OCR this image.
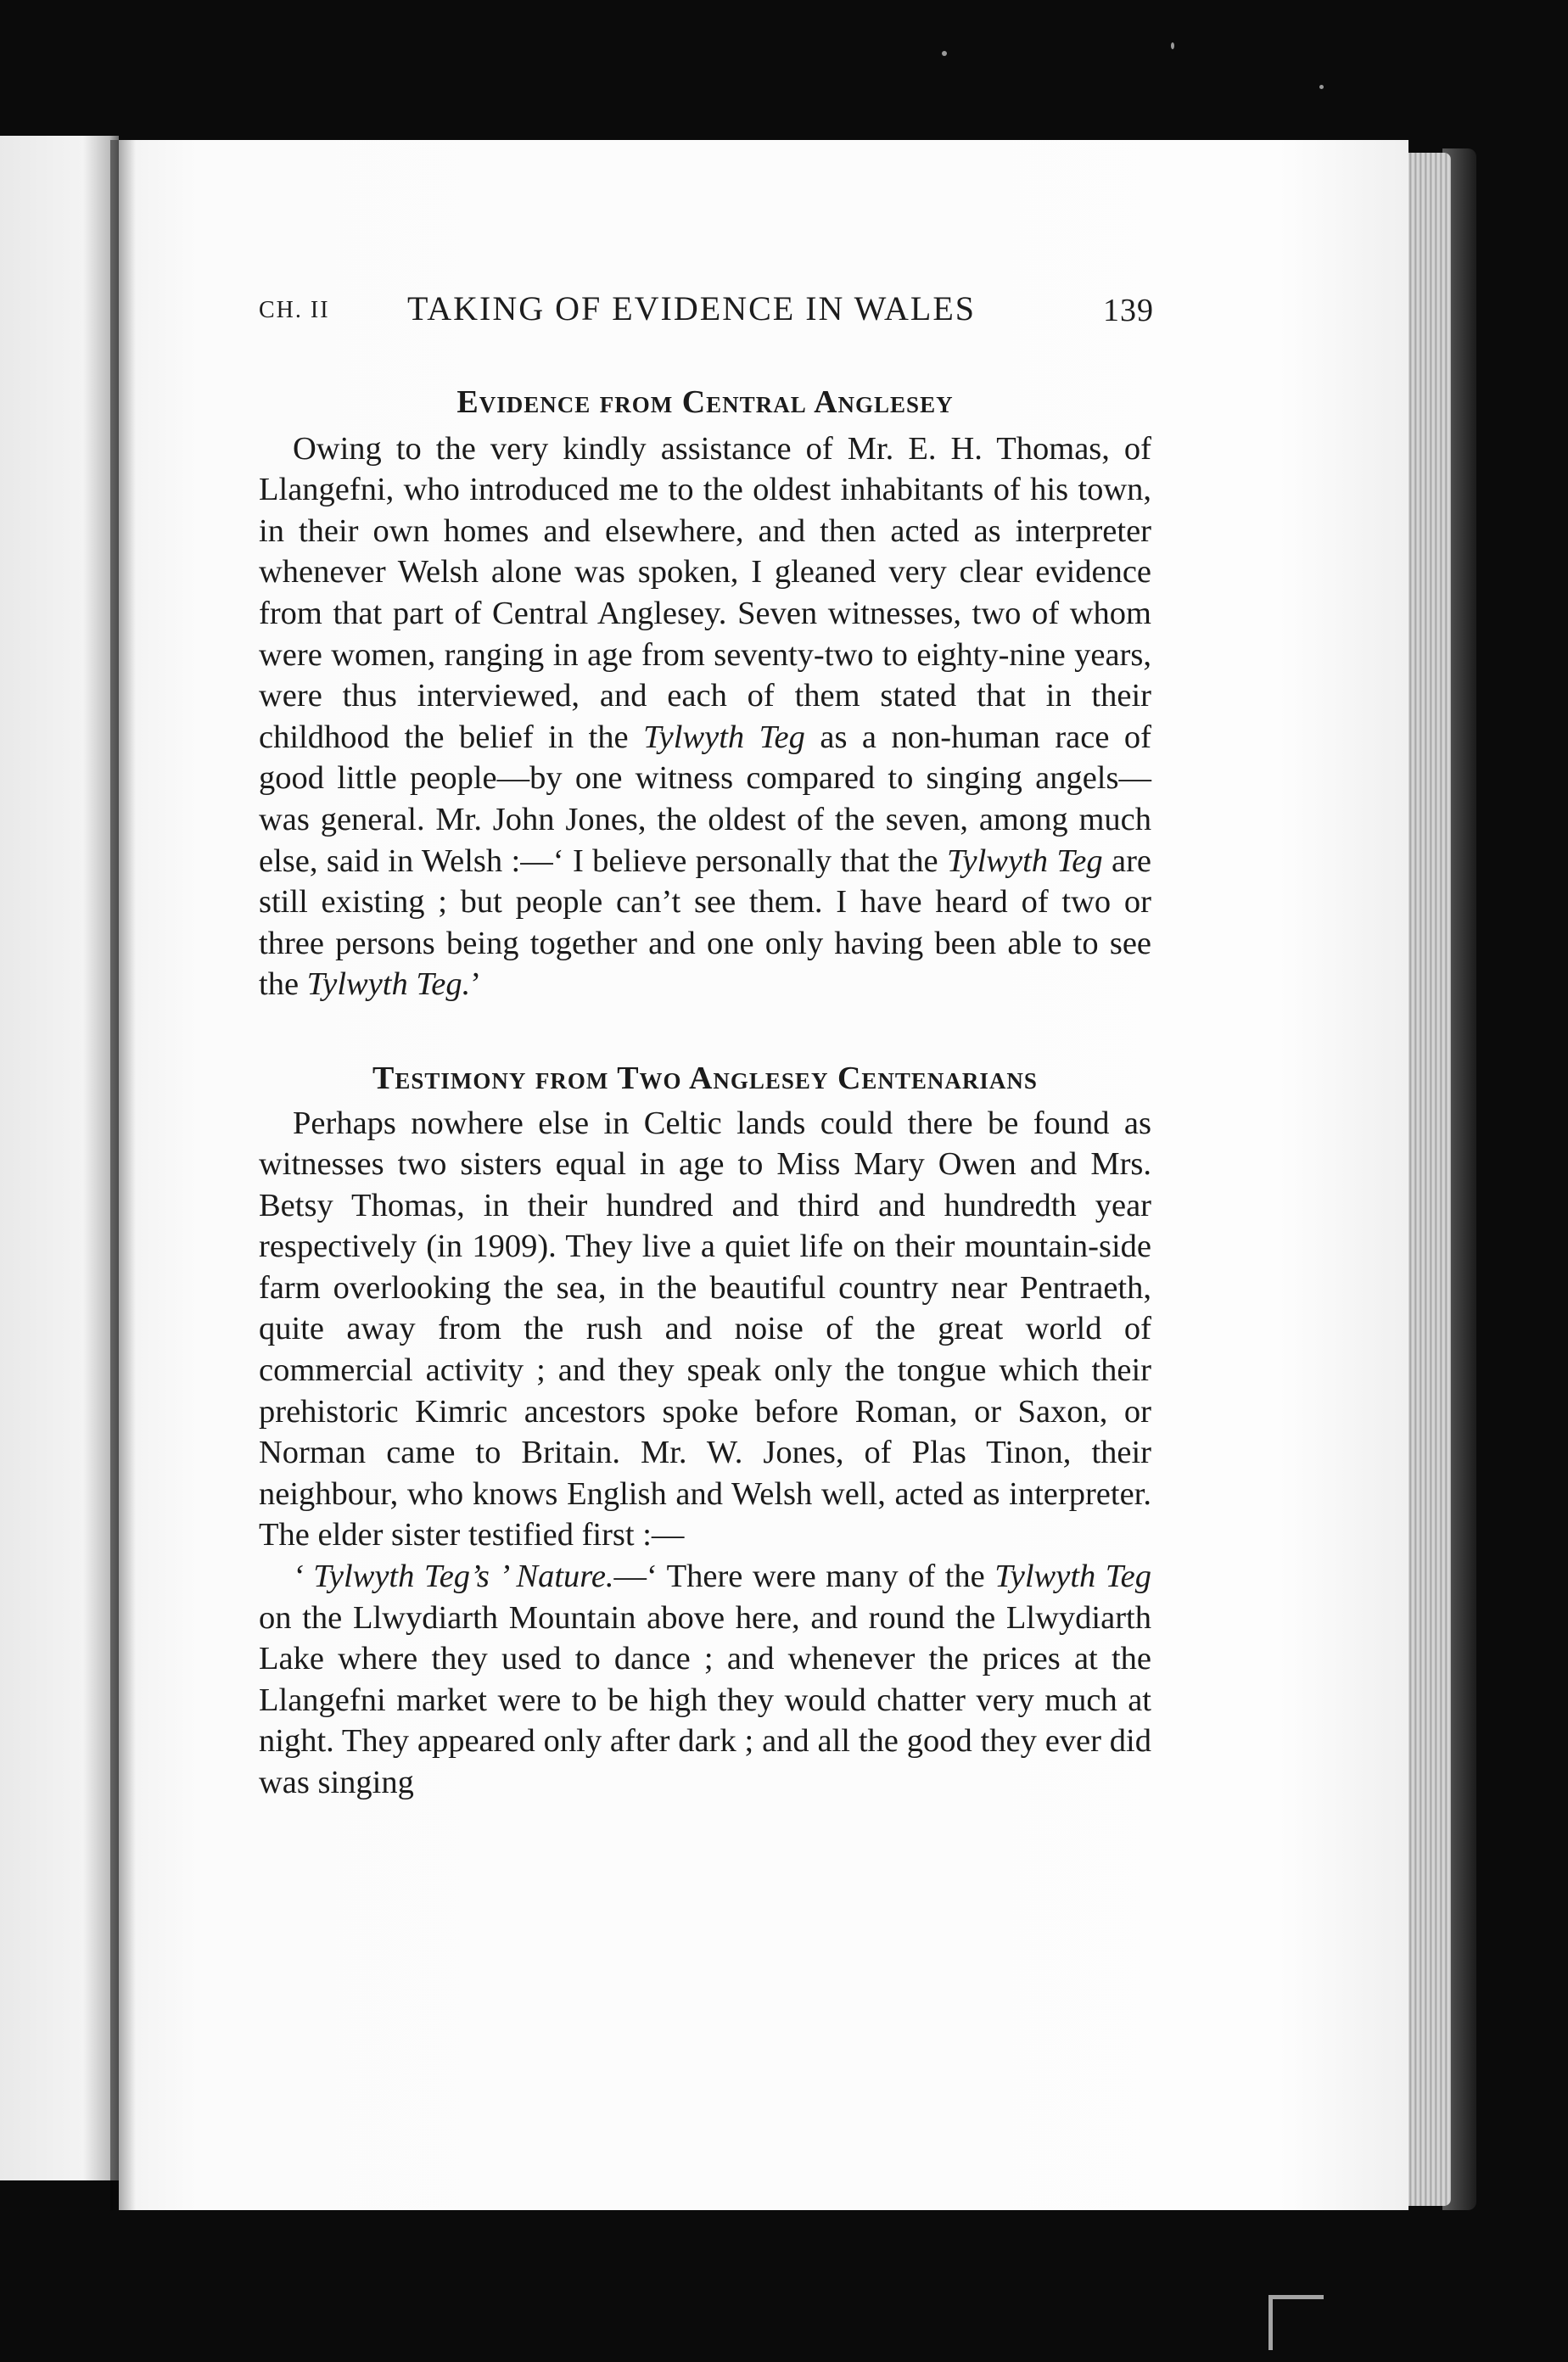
CH. II TAKING OF EVIDENCE IN WALES	139
Evidence from Central Anglesey

Owing to the very kindly assistance of Mr. E. H. Thomas, of Llangefni, who introduced me to the oldest inhabitants of his town, in their own homes and elsewhere, and then acted as interpreter whenever Welsh alone was spoken, I gleaned very clear evidence from that part of Central Anglesey. Seven witnesses, two of whom were women, ranging in age from seventy-two to eighty-nine years, were thus interviewed, and each of them stated that in their childhood the belief in the Tylwyth Teg as a non-human race of good little people—by one witness compared to singing angels—was general. Mr. John Jones, the oldest of the seven, among much else, said in Welsh :—‘ I believe personally that the Tylwyth Teg are still existing ; but people can’t see them. I have heard of two or three persons being together and one only having been able to see the Tylwyth Teg.’

Testimony from Two Anglesey Centenarians

Perhaps nowhere else in Celtic lands could there be found as witnesses two sisters equal in age to Miss Mary Owen and Mrs. Betsy Thomas, in their hundred and third and hundredth year respectively (in 1909). They live a quiet life on their mountain-side farm overlooking the sea, in the beautiful country near Pentraeth, quite away from the rush and noise of the great world of commercial activity ; and they speak only the tongue which their prehistoric Kimric ancestors spoke before Roman, or Saxon, or Norman came to Britain. Mr. W. Jones, of Plas Tinon, their neighbour, who knows English and Welsh well, acted as interpreter. The elder sister testified first :—

‘ Tylwyth Teg’s ’ Nature.—‘ There were many of the Tylwyth Teg on the Llwydiarth Mountain above here, and round the Llwydiarth Lake where they used to dance ; and whenever the prices at the Llangefni market were to be high they would chatter very much at night. They appeared only after dark ; and all the good they ever did was singing
